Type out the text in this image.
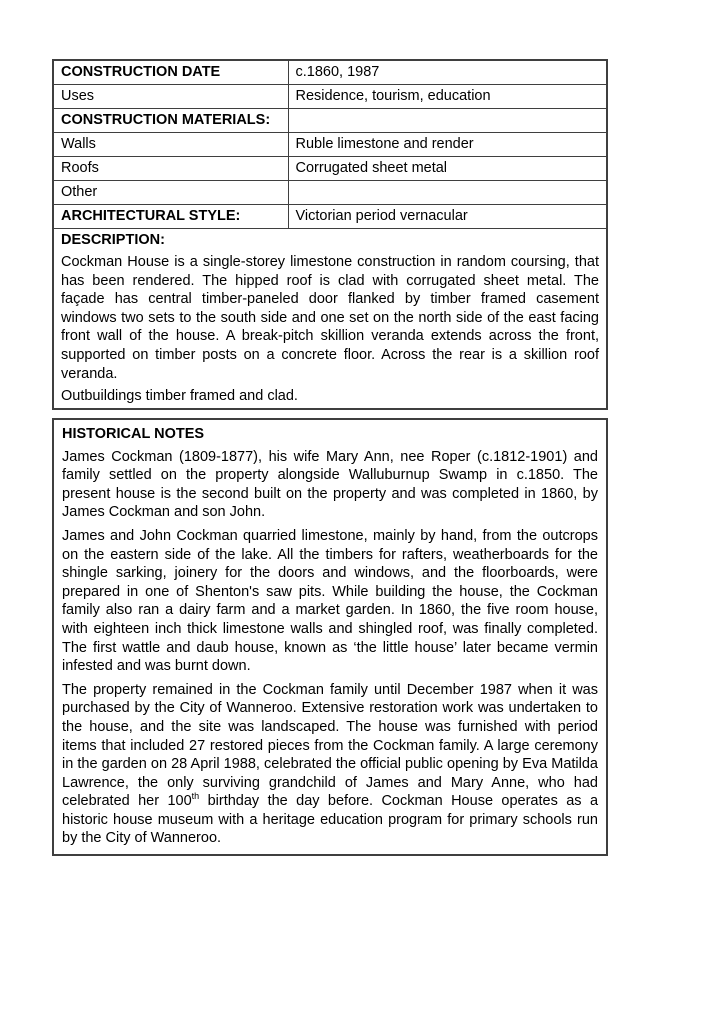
CONSTRUCTION DATE	c.1860, 1987
Uses	Residence, tourism, education
CONSTRUCTION MATERIALS:	
Walls	Ruble limestone and render
Roofs	Corrugated sheet metal
Other	
ARCHITECTURAL STYLE:	Victorian period vernacular

DESCRIPTION:

Cockman House is a single-storey limestone construction in random coursing, that has been rendered. The hipped roof is clad with corrugated sheet metal. The façade has central timber-paneled door flanked by timber framed casement windows two sets to the south side and one set on the north side of the east facing front wall of the house. A break-pitch skillion veranda extends across the front, supported on timber posts on a concrete floor. Across the rear is a skillion roof veranda.

Outbuildings timber framed and clad.	

HISTORICAL NOTES

James Cockman (1809-1877), his wife Mary Ann, nee Roper (c.1812-1901) and family settled on the property alongside Walluburnup Swamp in c.1850. The present house is the second built on the property and was completed in 1860, by James Cockman and son John.

James and John Cockman quarried limestone, mainly by hand, from the outcrops on the eastern side of the lake. All the timbers for rafters, weatherboards for the shingle sarking, joinery for the doors and windows, and the floorboards, were prepared in one of Shenton's saw pits. While building the house, the Cockman family also ran a dairy farm and a market garden. In 1860, the five room house, with eighteen inch thick limestone walls and shingled roof, was finally completed. The first wattle and daub house, known as ‘the little house’ later became vermin infested and was burnt down.

The property remained in the Cockman family until December 1987 when it was purchased by the City of Wanneroo. Extensive restoration work was undertaken to the house, and the site was landscaped. The house was furnished with period items that included 27 restored pieces from the Cockman family. A large ceremony in the garden on 28 April 1988, celebrated the official public opening by Eva Matilda Lawrence, the only surviving grandchild of James and Mary Anne, who had celebrated her 100th birthday the day before. Cockman House operates as a historic house museum with a heritage education program for primary schools run by the City of Wanneroo.
